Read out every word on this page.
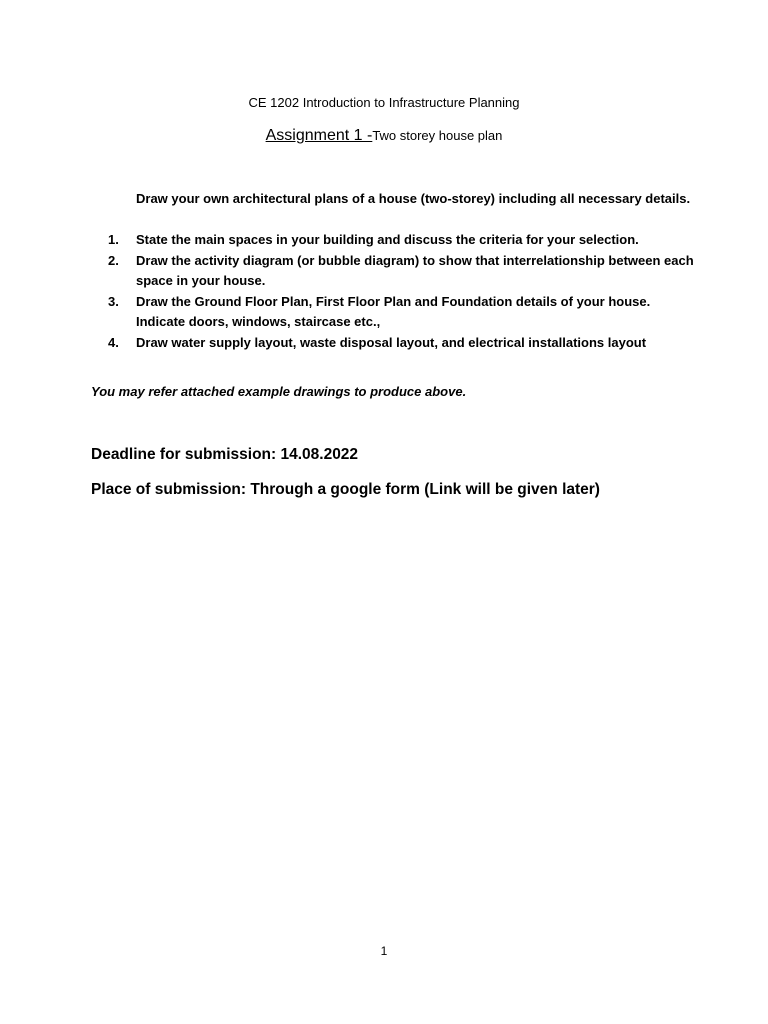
CE 1202 Introduction to Infrastructure Planning
Assignment 1 -Two storey house plan
Draw your own architectural plans of a house (two-storey) including all necessary details.
1. State the main spaces in your building and discuss the criteria for your selection.
2. Draw the activity diagram (or bubble diagram) to show that interrelationship between each space in your house.
3. Draw the Ground Floor Plan, First Floor Plan and Foundation details of your house. Indicate doors, windows, staircase etc.,
4. Draw water supply layout, waste disposal layout, and electrical installations layout
You may refer attached example drawings to produce above.
Deadline for submission: 14.08.2022
Place of submission: Through a google form (Link will be given later)
1
